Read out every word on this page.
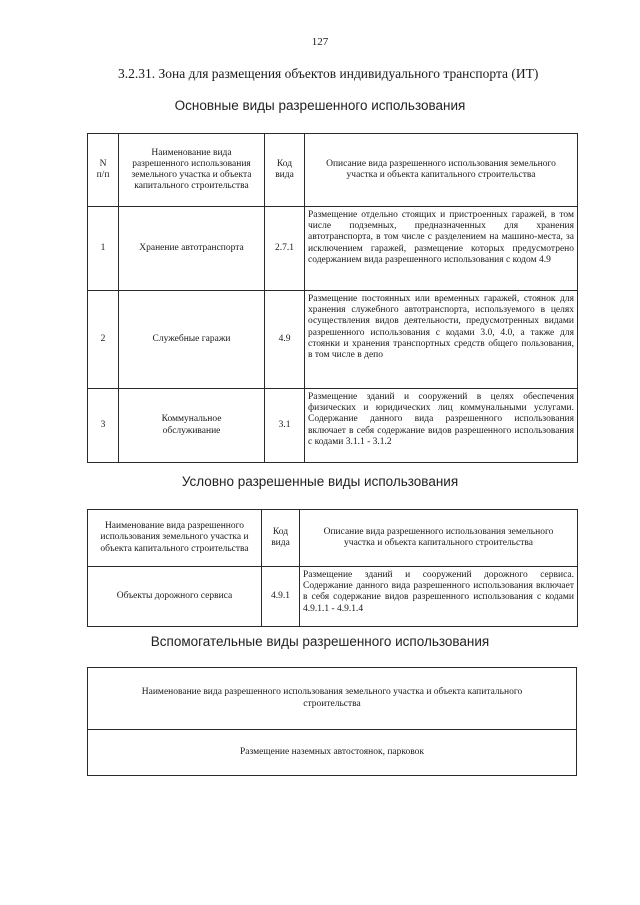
127
3.2.31. Зона для размещения объектов индивидуального транспорта (ИТ)
Основные виды разрешенного использования
N п/п	Наименование вида разрешенного использования земельного участка и объекта капитального строительства	Код вида	Описание вида разрешенного использования земельного участка и объекта капитального строительства
1	Хранение автотранспорта	2.7.1	Размещение отдельно стоящих и пристроенных гаражей, в том числе подземных, предназначенных для хранения автотранспорта, в том числе с разделением на машино-места, за исключением гаражей, размещение которых предусмотрено содержанием вида разрешенного использования с кодом 4.9
2	Служебные гаражи	4.9	Размещение постоянных или временных гаражей, стоянок для хранения служебного автотранспорта, используемого в целях осуществления видов деятельности, предусмотренных видами разрешенного использования с кодами 3.0, 4.0, а также для стоянки и хранения транспортных средств общего пользования, в том числе в депо
3	Коммунальное обслуживание	3.1	Размещение зданий и сооружений в целях обеспечения физических и юридических лиц коммунальными услугами. Содержание данного вида разрешенного использования включает в себя содержание видов разрешенного использования с кодами 3.1.1 - 3.1.2
Условно разрешенные виды использования
Наименование вида разрешенного использования земельного участка и объекта капитального строительства	Код вида	Описание вида разрешенного использования земельного участка и объекта капитального строительства
Объекты дорожного сервиса	4.9.1	Размещение зданий и сооружений дорожного сервиса. Содержание данного вида разрешенного использования включает в себя содержание видов разрешенного использования с кодами 4.9.1.1 - 4.9.1.4
Вспомогательные виды разрешенного использования
Наименование вида разрешенного использования земельного участка и объекта капитального строительства
Размещение наземных автостоянок, парковок
